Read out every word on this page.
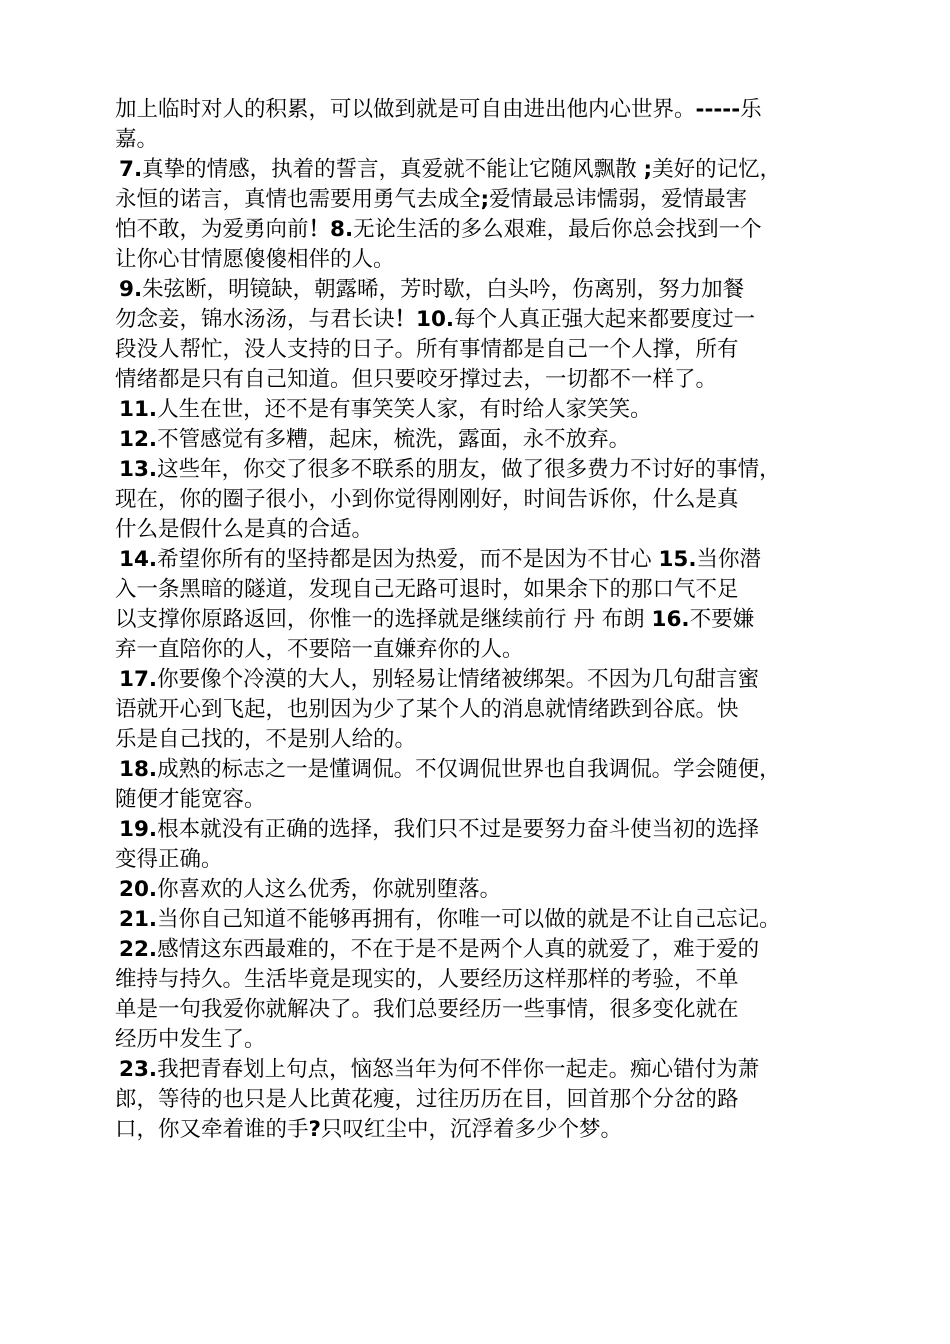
加上临时对人的积累，可以做到就是可自由进出他内心世界。-----乐
嘉。
7.真挚的情感，执着的誓言，真爱就不能让它随风飘散 ;美好的记忆，
永恒的诺言，真情也需要用勇气去成全;爱情最忌讳懦弱，爱情最害
怕不敢，为爱勇向前！8.无论生活的多么艰难，最后你总会找到一个
让你心甘情愿傻傻相伴的人。
9.朱弦断，明镜缺，朝露晞，芳时歇，白头吟，伤离别，努力加餐
勿念妾，锦水汤汤，与君长诀！10.每个人真正强大起来都要度过一
段没人帮忙，没人支持的日子。所有事情都是自己一个人撑，所有
情绪都是只有自己知道。但只要咬牙撑过去，一切都不一样了。
11.人生在世，还不是有事笑笑人家，有时给人家笑笑。
12.不管感觉有多糟，起床，梳洗，露面，永不放弃。
13.这些年，你交了很多不联系的朋友，做了很多费力不讨好的事情，
现在，你的圈子很小，小到你觉得刚刚好，时间告诉你，什么是真
什么是假什么是真的合适。
14.希望你所有的坚持都是因为热爱，而不是因为不甘心 15.当你潜
入一条黑暗的隧道，发现自己无路可退时，如果余下的那口气不足
以支撑你原路返回，你惟一的选择就是继续前行 丹 布朗 16.不要嫌
弃一直陪你的人，不要陪一直嫌弃你的人。
17.你要像个冷漠的大人，别轻易让情绪被绑架。不因为几句甜言蜜
语就开心到飞起，也别因为少了某个人的消息就情绪跌到谷底。快
乐是自己找的，不是别人给的。
18.成熟的标志之一是懂调侃。不仅调侃世界也自我调侃。学会随便，
随便才能宽容。
19.根本就没有正确的选择，我们只不过是要努力奋斗使当初的选择
变得正确。
20.你喜欢的人这么优秀，你就别堕落。
21.当你自己知道不能够再拥有，你唯一可以做的就是不让自己忘记。
22.感情这东西最难的，不在于是不是两个人真的就爱了，难于爱的
维持与持久。生活毕竟是现实的，人要经历这样那样的考验，不单
单是一句我爱你就解决了。我们总要经历一些事情，很多变化就在
经历中发生了。
23.我把青春划上句点，恼怒当年为何不伴你一起走。痴心错付为萧
郎，等待的也只是人比黄花瘦，过往历历在目，回首那个分岔的路
口，你又牵着谁的手?只叹红尘中，沉浮着多少个梦。
